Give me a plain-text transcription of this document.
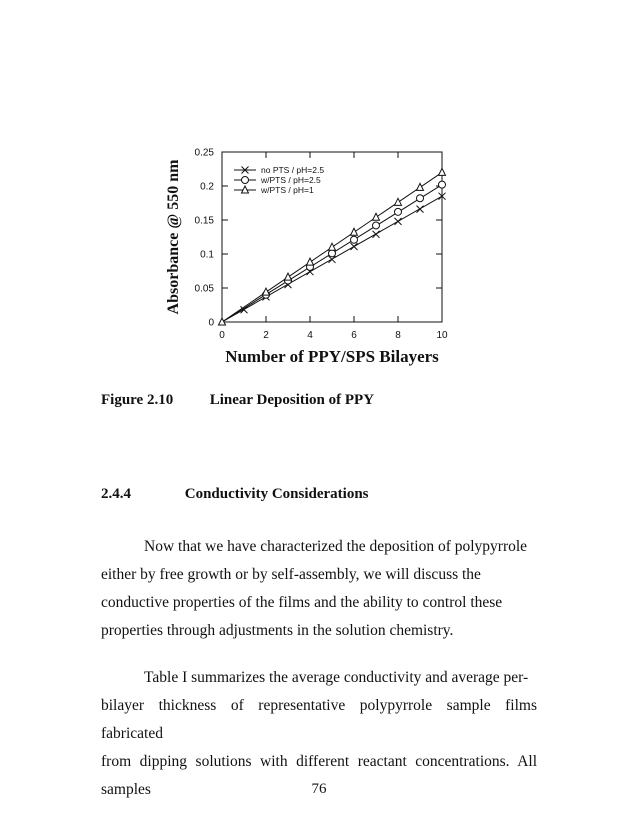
0	2	4	6	8	10
0
0.05
0.1
0.15
0.2
0.25
Number of PPY/SPS Bilayers
Absorbance @ 550 nm	no PTS / pH=2.5
w/PTS / pH=2.5
w/PTS / pH=1
Figure 2.10 Linear Deposition of PPY
2.4.4	Conductivity Considerations
Now that we have characterized the deposition of polypyrrole
either by free growth or by self-assembly, we will discuss the
conductive properties of the films and the ability to control these
properties through adjustments in the solution chemistry.
Table I summarizes the average conductivity and average per-
bilayer thickness of representative polypyrrole sample films fabricated
from dipping solutions with different reactant concentrations. All samples	76
